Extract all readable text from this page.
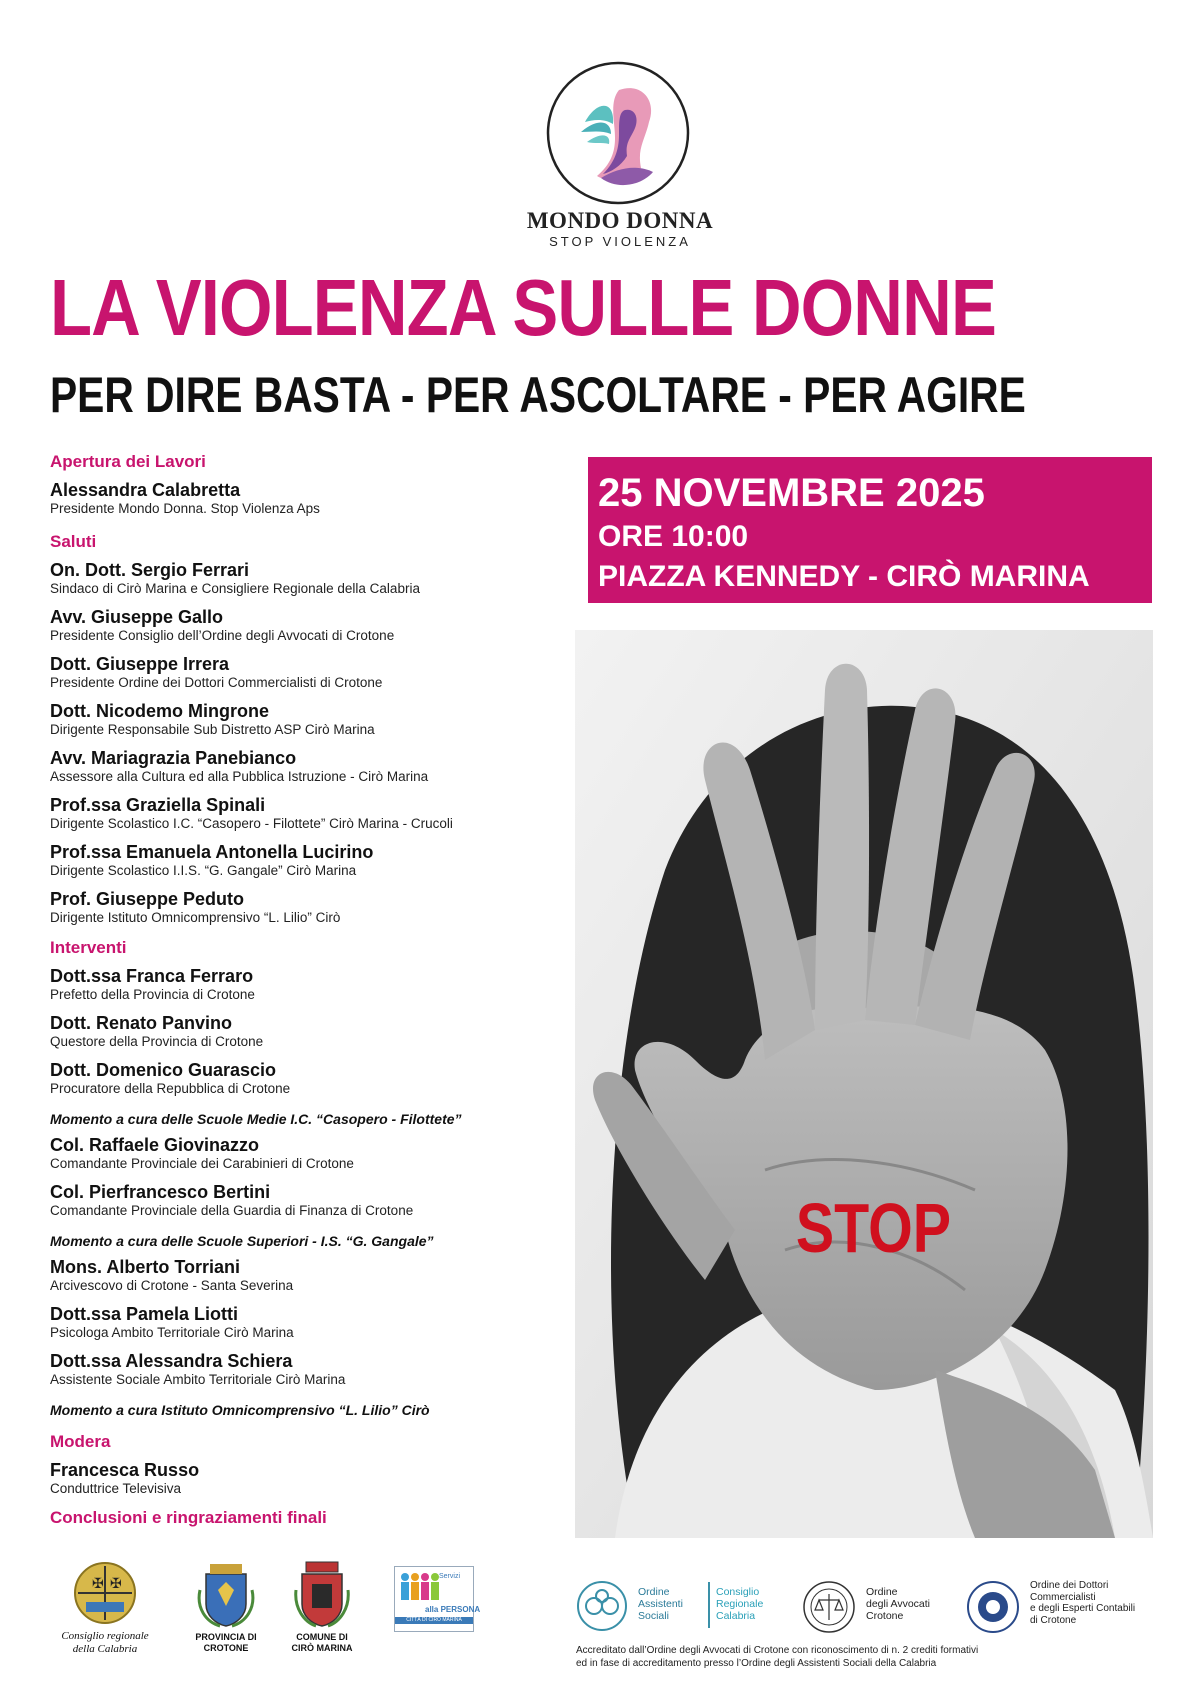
MONDO DONNA
STOP VIOLENZA
LA VIOLENZA SULLE DONNE
PER DIRE BASTA - PER ASCOLTARE - PER AGIRE
25 NOVEMBRE 2025
ORE 10:00
PIAZZA KENNEDY - CIRÒ MARINA
STOP
Apertura dei Lavori
Alessandra Calabretta
Presidente Mondo Donna. Stop Violenza Aps
Saluti
On. Dott. Sergio Ferrari
Sindaco di Cirò Marina e Consigliere Regionale della Calabria
Avv. Giuseppe Gallo
Presidente Consiglio dell’Ordine degli Avvocati di Crotone
Dott. Giuseppe Irrera
Presidente Ordine dei Dottori Commercialisti di Crotone
Dott. Nicodemo Mingrone
Dirigente Responsabile Sub Distretto ASP Cirò Marina
Avv. Mariagrazia Panebianco
Assessore alla Cultura ed alla Pubblica Istruzione - Cirò Marina
Prof.ssa Graziella Spinali
Dirigente Scolastico I.C. “Casopero - Filottete” Cirò Marina - Crucoli
Prof.ssa Emanuela Antonella Lucirino
Dirigente Scolastico I.I.S. “G. Gangale” Cirò Marina
Prof. Giuseppe Peduto
Dirigente Istituto Omnicomprensivo “L. Lilio” Cirò
Interventi
Dott.ssa Franca Ferraro
Prefetto della Provincia di Crotone
Dott. Renato Panvino
Questore della Provincia di Crotone
Dott. Domenico Guarascio
Procuratore della Repubblica di Crotone
Momento a cura delle Scuole Medie I.C. “Casopero - Filottete”
Col. Raffaele Giovinazzo
Comandante Provinciale dei Carabinieri di Crotone
Col. Pierfrancesco Bertini
Comandante Provinciale della Guardia di Finanza di Crotone
Momento a cura delle Scuole Superiori - I.S. “G. Gangale”
Mons. Alberto Torriani
Arcivescovo di Crotone - Santa Severina
Dott.ssa Pamela Liotti
Psicologa Ambito Territoriale Cirò Marina
Dott.ssa Alessandra Schiera
Assistente Sociale Ambito Territoriale Cirò Marina
Momento a cura Istituto Omnicomprensivo “L. Lilio” Cirò
Modera
Francesca Russo
Conduttrice Televisiva
Conclusioni e ringraziamenti finali
✠ ✠
Consiglio regionale
della Calabria
PROVINCIA DI
CROTONE
COMUNE DI
CIRÒ MARINA
Servizi
alla PERSONA
CITTÀ DI CIRÒ MARINA
Ordine
Assistenti
Sociali
Consiglio
Regionale
Calabria
Ordine
degli Avvocati
Crotone
Ordine dei Dottori
Commercialisti
e degli Esperti Contabili
di Crotone
Accreditato dall’Ordine degli Avvocati di Crotone con riconoscimento di n. 2 crediti formativi
ed in fase di accreditamento presso l’Ordine degli Assistenti Sociali della Calabria
